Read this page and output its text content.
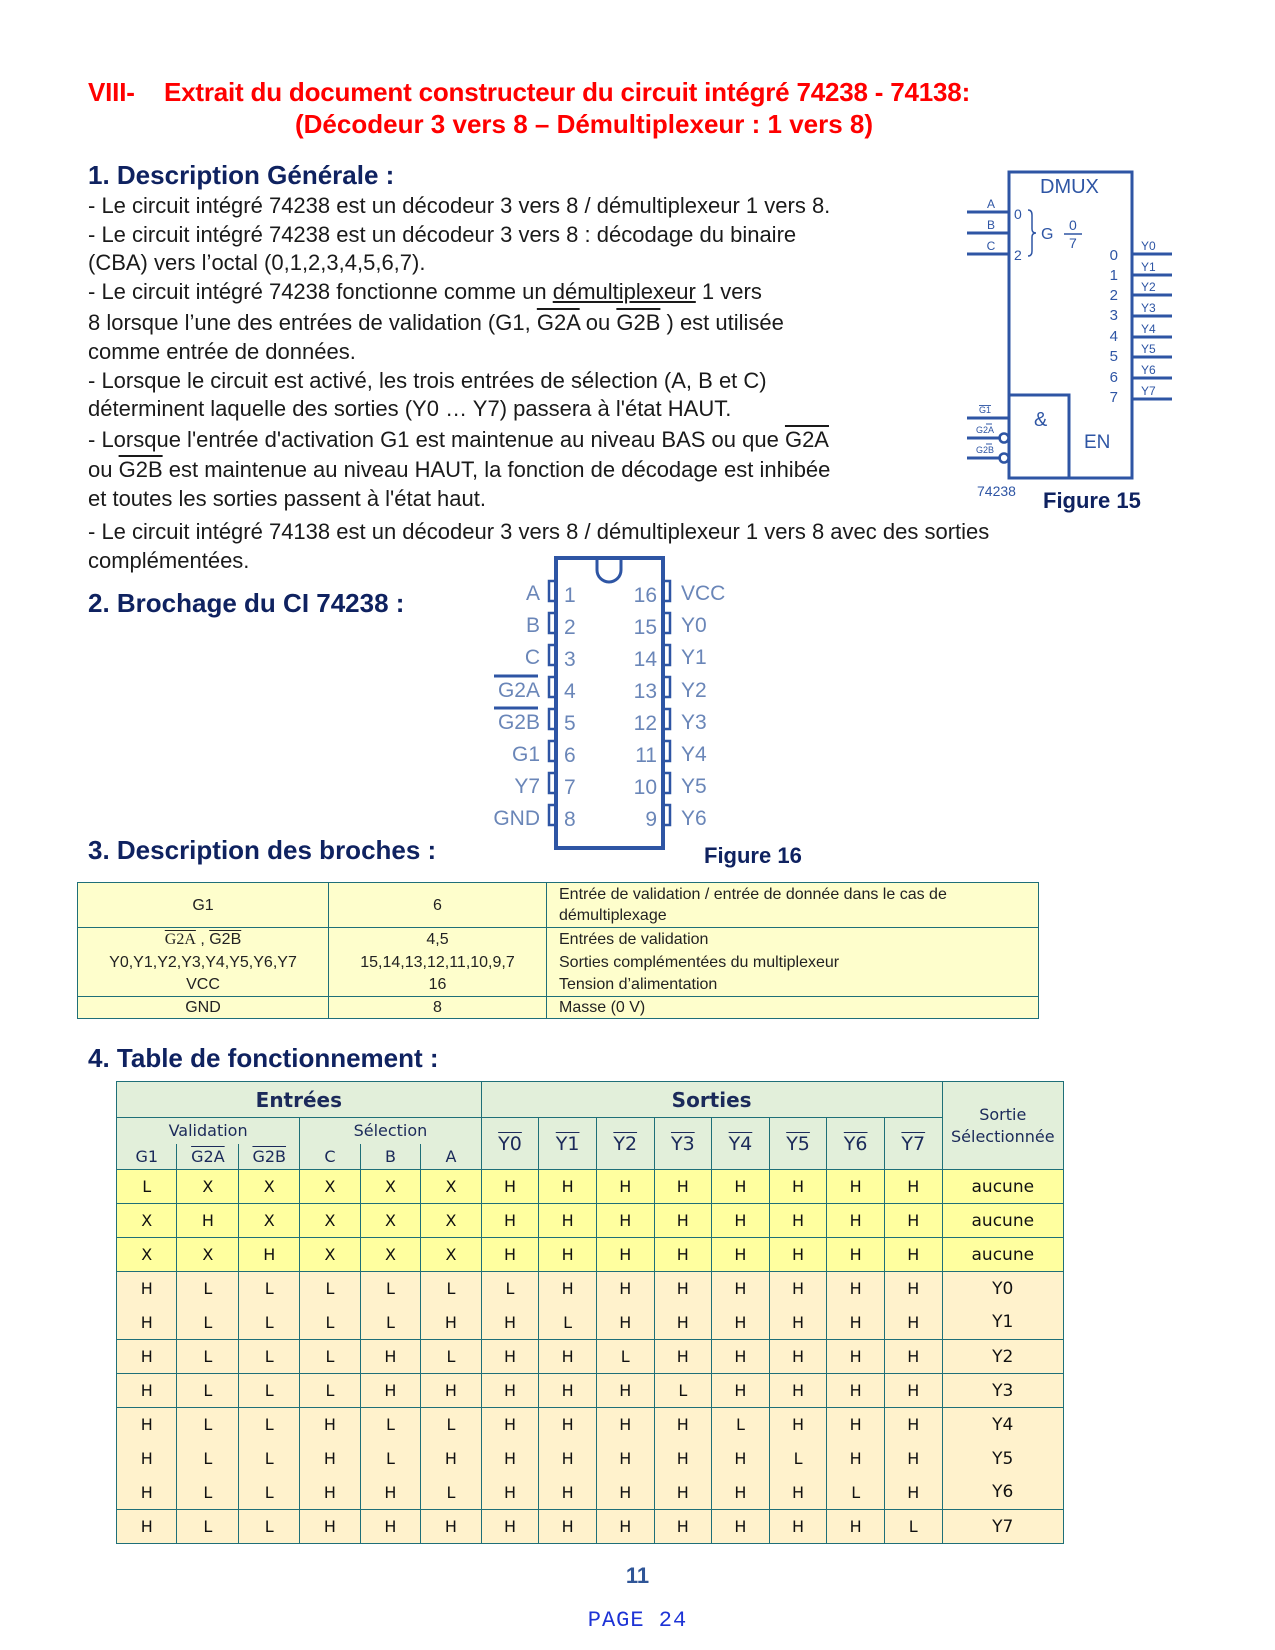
VIII- Extrait du document constructeur du circuit intégré 74238 - 74138:
(Décodeur 3 vers 8 – Démultiplexeur : 1 vers 8)
1. Description Générale :
- Le circuit intégré 74238 est un décodeur 3 vers 8 / démultiplexeur 1 vers 8.
- Le circuit intégré 74238 est un décodeur 3 vers 8 : décodage du binaire
(CBA) vers l’octal (0,1,2,3,4,5,6,7).
- Le circuit intégré 74238 fonctionne comme un démultiplexeur 1 vers
8 lorsque l’une des entrées de validation (G1, G2A ou G2B ) est utilisée
comme entrée de données.
- Lorsque le circuit est activé, les trois entrées de sélection (A, B et C)
déterminent laquelle des sorties (Y0 … Y7) passera à l'état HAUT.
- Lorsque l'entrée d'activation G1 est maintenue au niveau BAS ou que G2A
ou G2B est maintenue au niveau HAUT, la fonction de décodage est inhibée
et toutes les sorties passent à l'état haut.
- Le circuit intégré 74138 est un décodeur 3 vers 8 / démultiplexeur 1 vers 8 avec des sorties
complémentées.
DMUX
A
B
C
0
2
G
0
7
0
1
2
3
4
5
6
7
Y0
Y1
Y2
Y3
Y4
Y5
Y6
Y7
G1
G2A
G2B
&
EN
74238 Figure 15
2. Brochage du CI 74238 :	A
B
C
G2A
G2B
G1
Y7
GND
1
2
3
4
5
6
7
8
16
15
14
13
12
11
10
9
VCC
Y0
Y1
Y2
Y3
Y4
Y5
Y6
Figure 16
3. Description des broches :
G1	6	Entrée de validation / entrée de donnée dans le cas de
démultiplexage

G2A , G2B	4,5	Entrées de validation
Y0,Y1,Y2,Y3,Y4,Y5,Y6,Y7	15,14,13,12,11,10,9,7	Sorties complémentées du multiplexeur
VCC	16	Tension d’alimentation
GND	8	Masse (0 V)
4. Table de fonctionnement :
Entrées						Sorties								Sortie
Sélectionnée

Validation			Sélection			Y0	Y1	Y2	Y3	Y4	Y5	Y6	Y7	
G1	G2A	G2B	C	B	A									
L	X	X	X	X	X	H	H	H	H	H	H	H	H	aucune
X	H	X	X	X	X	H	H	H	H	H	H	H	H	aucune
X	X	H	X	X	X	H	H	H	H	H	H	H	H	aucune
H	L	L	L	L	L	L	H	H	H	H	H	H	H	Y0
H	L	L	L	L	H	H	L	H	H	H	H	H	H	Y1
H	L	L	L	H	L	H	H	L	H	H	H	H	H	Y2
H	L	L	L	H	H	H	H	H	L	H	H	H	H	Y3
H	L	L	H	L	L	H	H	H	H	L	H	H	H	Y4
H	L	L	H	L	H	H	H	H	H	H	L	H	H	Y5
H	L	L	H	H	L	H	H	H	H	H	H	L	H	Y6
H	L	L	H	H	H	H	H	H	H	H	H	H	L	Y7
11
PAGE 24
